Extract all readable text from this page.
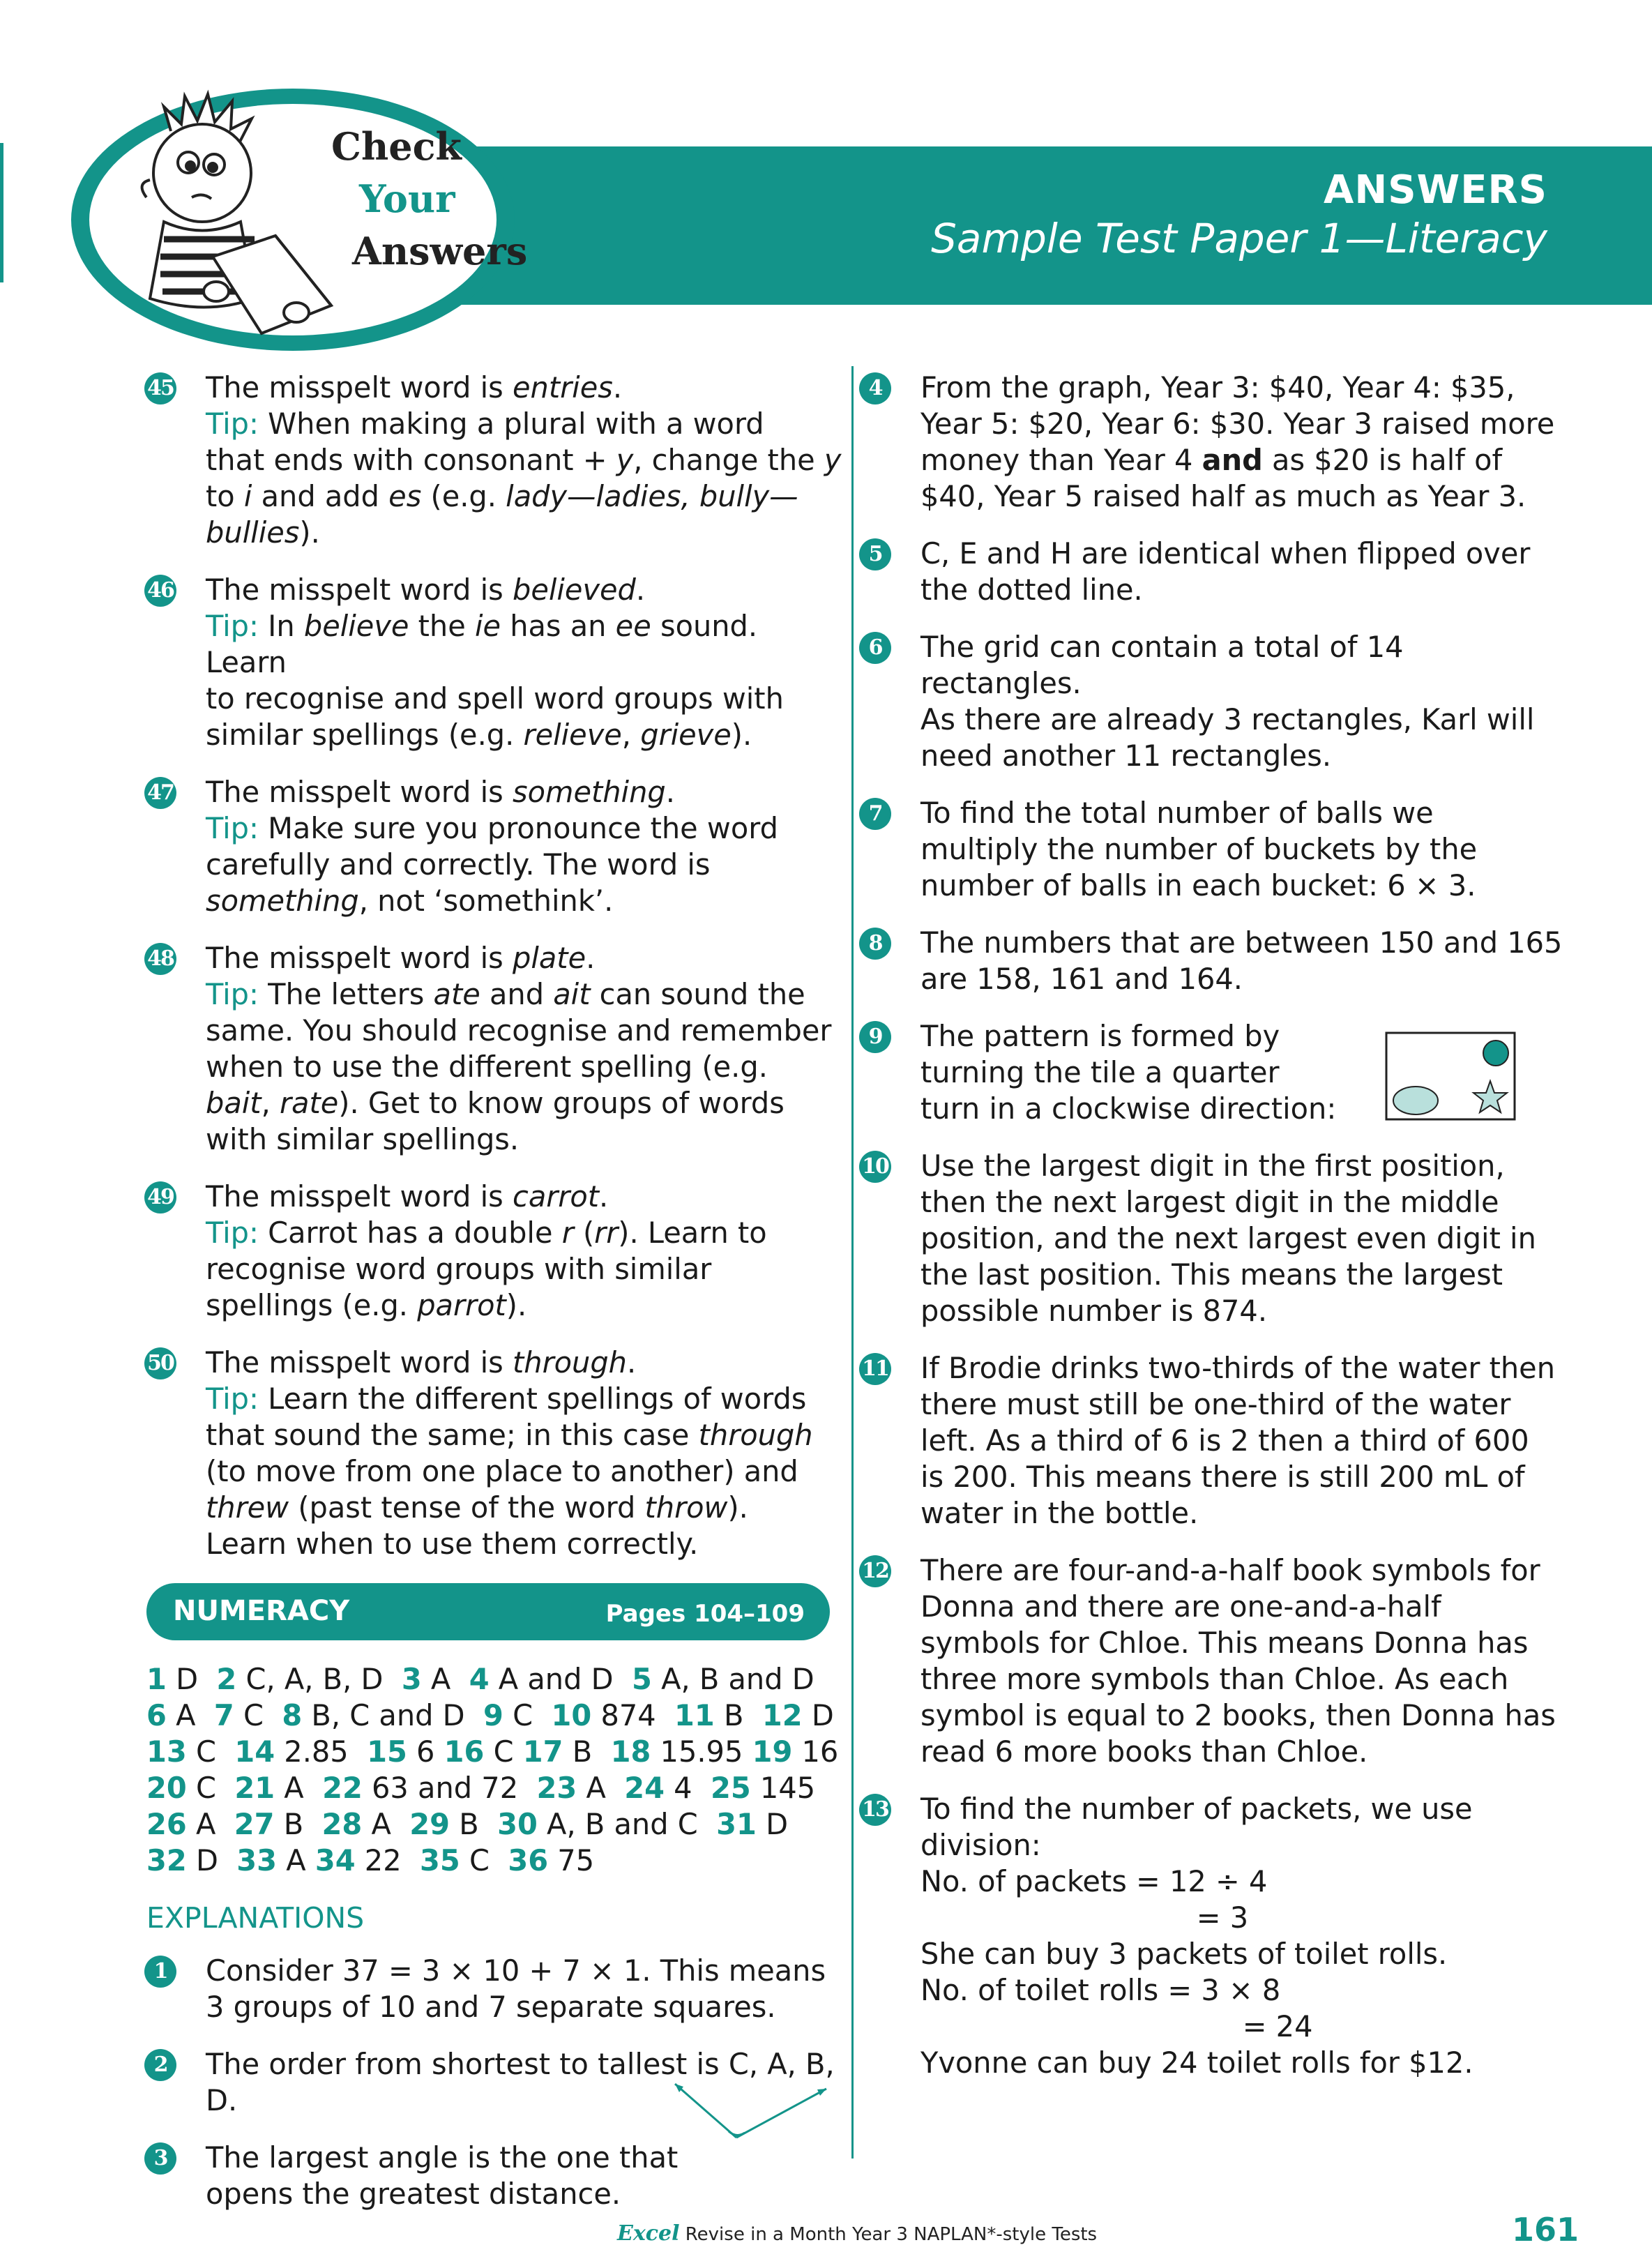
ANSWERS
Sample Test Paper 1—Literacy
Check
Your
Answers
45 The misspelt word is entries.
Tip: When making a plural with a word
that ends with consonant + y, change the y
to i and add es (e.g. lady—ladies, bully—
bullies).

46 The misspelt word is believed.
Tip: In believe the ie has an ee sound. Learn
to recognise and spell word groups with
similar spellings (e.g. relieve, grieve).

47 The misspelt word is something.
Tip: Make sure you pronounce the word
carefully and correctly. The word is
something, not ‘somethink’.

48 The misspelt word is plate.
Tip: The letters ate and ait can sound the
same. You should recognise and remember
when to use the different spelling (e.g.
bait, rate). Get to know groups of words
with similar spellings.

49 The misspelt word is carrot.
Tip: Carrot has a double r (rr). Learn to
recognise word groups with similar
spellings (e.g. parrot).

50 The misspelt word is through.
Tip: Learn the different spellings of words
that sound the same; in this case through
(to move from one place to another) and
threw (past tense of the word throw).
Learn when to use them correctly.

NUMERACY	Pages 104–109
1 D  2 C, A, B, D  3 A  4 A and D  5 A, B and D
6 A  7 C  8 B, C and D  9 C  10 874  11 B  12 D
13 C  14 2.85  15 6 16 C 17 B  18 15.95 19 16
20 C  21 A  22 63 and 72  23 A  24 4  25 145
26 A  27 B  28 A  29 B  30 A, B and C  31 D
32 D  33 A 34 22  35 C  36 75
EXPLANATIONS
1	Consider 37 = 3 × 10 + 7 × 1. This means
3 groups of 10 and 7 separate squares.

2	The order from shortest to tallest is C, A, B, D.

3	The largest angle is the one that
opens the greatest distance.

4	From the graph, Year 3: $40, Year 4: $35,
Year 5: $20, Year 6: $30. Year 3 raised more
money than Year 4 and as $20 is half of
$40, Year 5 raised half as much as Year 3.

5	C, E and H are identical when flipped over
the dotted line.

6	The grid can contain a total of 14 rectangles.
As there are already 3 rectangles, Karl will
need another 11 rectangles.

7	To find the total number of balls we
multiply the number of buckets by the
number of balls in each bucket: 6 × 3.

8	The numbers that are between 150 and 165
are 158, 161 and 164.

9	The pattern is formed by
turning the tile a quarter
turn in a clockwise direction:

10 Use the largest digit in the first position,
then the next largest digit in the middle
position, and the next largest even digit in
the last position. This means the largest
possible number is 874.

11 If Brodie drinks two-thirds of the water then
there must still be one-third of the water
left. As a third of 6 is 2 then a third of 600
is 200. This means there is still 200 mL of
water in the bottle.

12 There are four-and-a-half book symbols for
Donna and there are one-and-a-half
symbols for Chloe. This means Donna has
three more symbols than Chloe. As each
symbol is equal to 2 books, then Donna has
read 6 more books than Chloe.

13 To find the number of packets, we use
division:
No. of packets = 12 ÷ 4
= 3
She can buy 3 packets of toilet rolls.
No. of toilet rolls = 3 × 8
= 24
Yvonne can buy 24 toilet rolls for $12.

Excel Revise in a Month Year 3 NAPLAN*-style Tests	161
